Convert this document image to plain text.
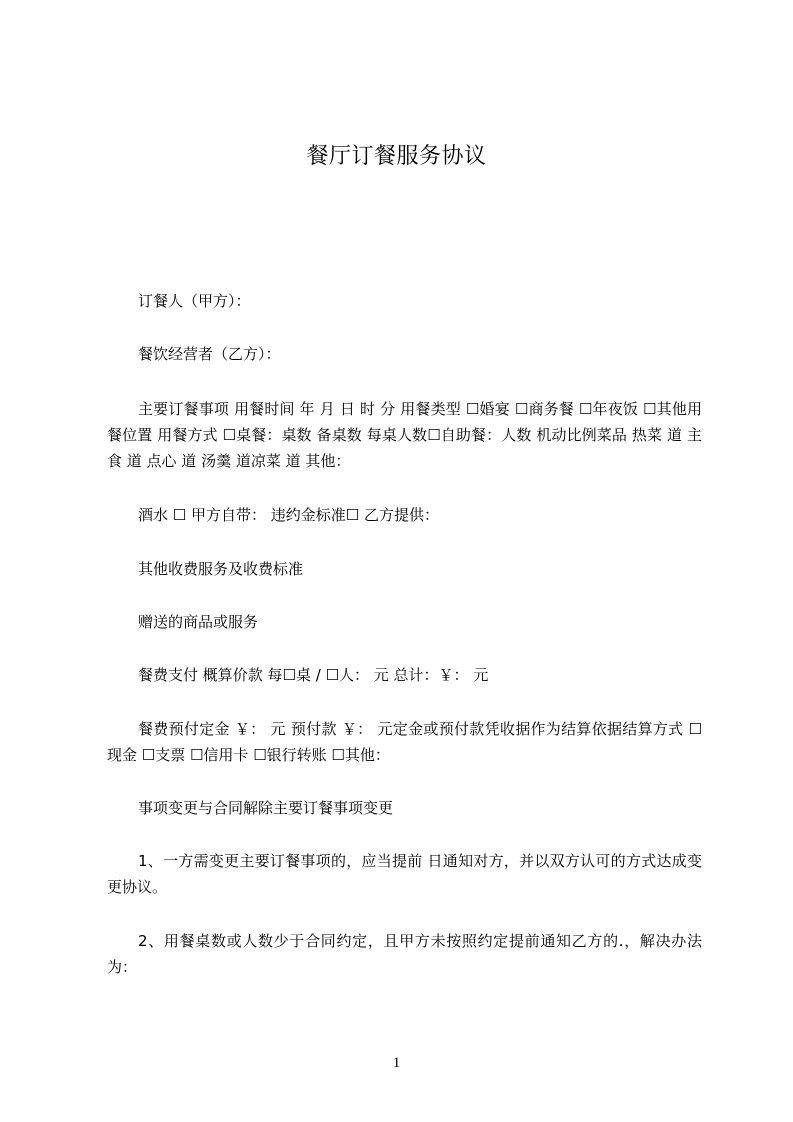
餐厅订餐服务协议

订餐人（甲方）：

餐饮经营者（乙方）：

主要订餐事项 用餐时间 年 月 日 时 分 用餐类型 ☐婚宴 ☐商务餐 ☐年夜饭 ☐其他用餐位置 用餐方式 ☐桌餐：桌数 备桌数 每桌人数☐自助餐：人数 机动比例菜品 热菜 道 主食 道 点心 道 汤羹 道凉菜 道 其他：

酒水 ☐ 甲方自带： 违约金标准☐ 乙方提供：

其他收费服务及收费标准

赠送的商品或服务

餐费支付 概算价款 每☐桌 / ☐人： 元 总计：￥： 元

餐费预付定金 ￥： 元 预付款 ￥： 元定金或预付款凭收据作为结算依据结算方式 ☐现金 ☐支票 ☐信用卡 ☐银行转账 ☐其他：

事项变更与合同解除主要订餐事项变更

1、一方需变更主要订餐事项的，应当提前 日通知对方，并以双方认可的方式达成变更协议。

2、用餐桌数或人数少于合同约定，且甲方未按照约定提前通知乙方的.，解决办法为：

1
